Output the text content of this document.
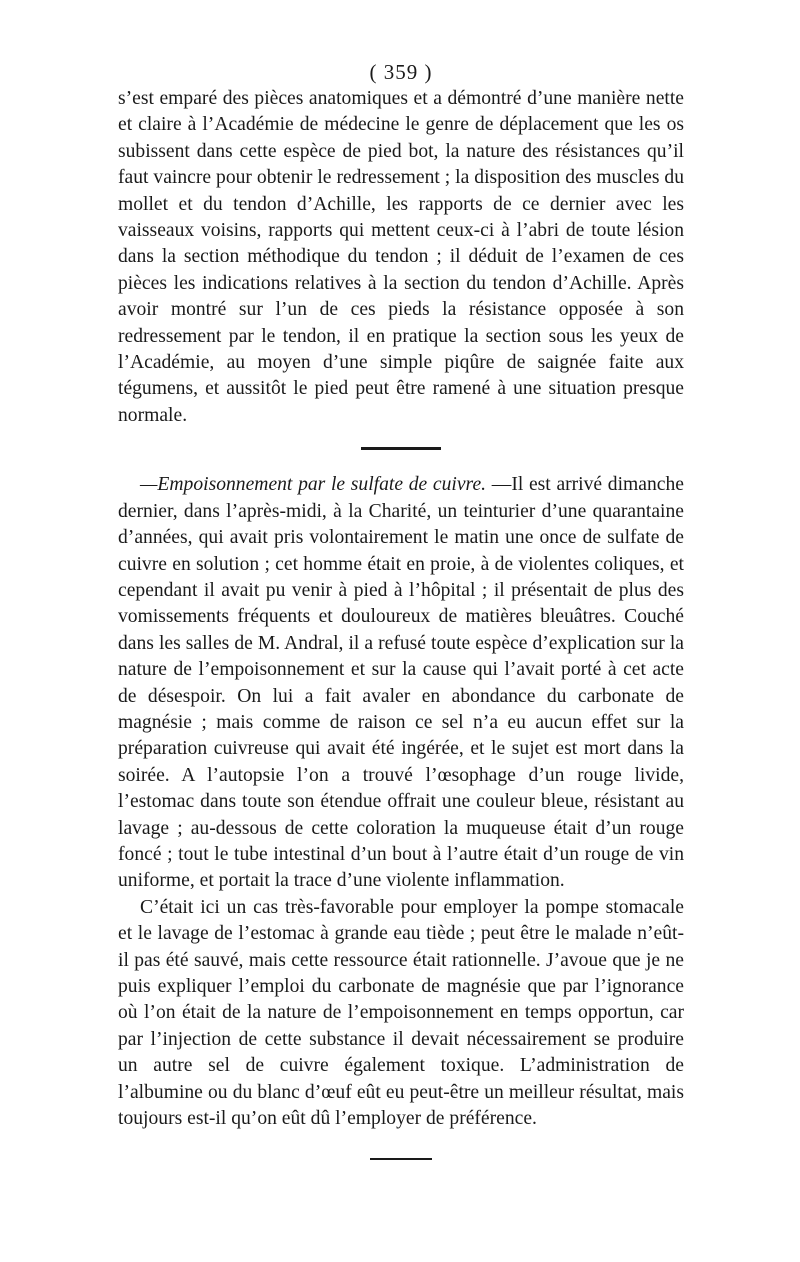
( 359 )

s’est emparé des pièces anatomiques et a démontré d’une manière nette et claire à l’Académie de médecine le genre de déplacement que les os subissent dans cette espèce de pied bot, la nature des résistances qu’il faut vaincre pour obtenir le redressement ; la disposition des muscles du mollet et du tendon d’Achille, les rapports de ce dernier avec les vaisseaux voisins, rapports qui mettent ceux-ci à l’abri de toute lésion dans la section méthodique du tendon ; il déduit de l’examen de ces pièces les indications relatives à la section du tendon d’Achille. Après avoir montré sur l’un de ces pieds la résistance opposée à son redressement par le tendon, il en pratique la section sous les yeux de l’Académie, au moyen d’une simple piqûre de saignée faite aux tégumens, et aussitôt le pied peut être ramené à une situation presque normale.

—Empoisonnement par le sulfate de cuivre. —Il est arrivé dimanche dernier, dans l’après-midi, à la Charité, un teinturier d’une quarantaine d’années, qui avait pris volontairement le matin une once de sulfate de cuivre en solution ; cet homme était en proie, à de violentes coliques, et cependant il avait pu venir à pied à l’hôpital ; il présentait de plus des vomissements fréquents et douloureux de matières bleuâtres. Couché dans les salles de M. Andral, il a refusé toute espèce d’explication sur la nature de l’empoisonnement et sur la cause qui l’avait porté à cet acte de désespoir. On lui a fait avaler en abondance du carbonate de magnésie ; mais comme de raison ce sel n’a eu aucun effet sur la préparation cuivreuse qui avait été ingérée, et le sujet est mort dans la soirée. A l’autopsie l’on a trouvé l’œsophage d’un rouge livide, l’estomac dans toute son étendue offrait une couleur bleue, résistant au lavage ; au-dessous de cette coloration la muqueuse était d’un rouge foncé ; tout le tube intestinal d’un bout à l’autre était d’un rouge de vin uniforme, et portait la trace d’une violente inflammation.

C’était ici un cas très-favorable pour employer la pompe stomacale et le lavage de l’estomac à grande eau tiède ; peut être le malade n’eût-il pas été sauvé, mais cette ressource était rationnelle. J’avoue que je ne puis expliquer l’emploi du carbonate de magnésie que par l’ignorance où l’on était de la nature de l’empoisonnement en temps opportun, car par l’injection de cette substance il devait nécessairement se produire un autre sel de cuivre également toxique. L’administration de l’albumine ou du blanc d’œuf eût eu peut-être un meilleur résultat, mais toujours est-il qu’on eût dû l’employer de préférence.
